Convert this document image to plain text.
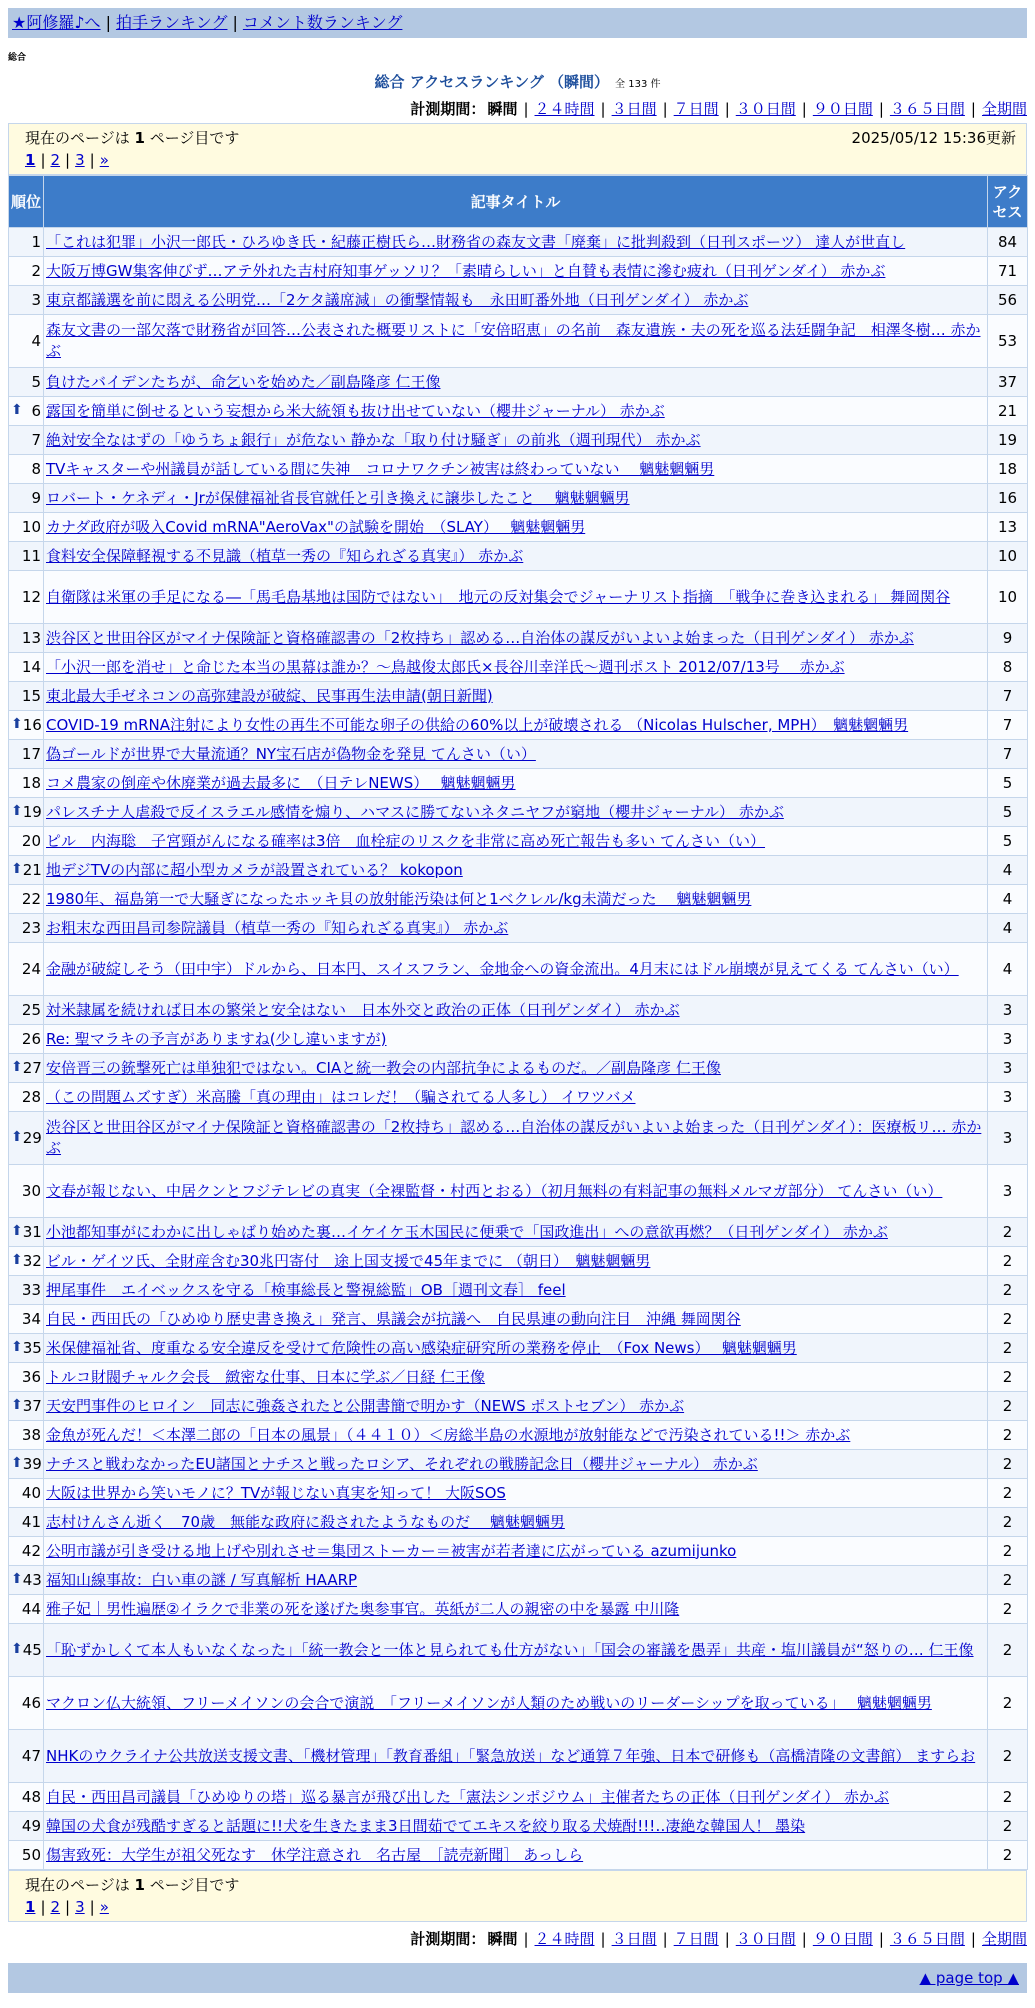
★阿修羅♪へ | 拍手ランキング | コメント数ランキング
総合
総合 アクセスランキング （瞬間） 全 133 件
計測期間： 瞬間 | ２４時間 | ３日間 | ７日間 | ３０日間 | ９０日間 | ３６５日間 | 全期間
現在のページは 1 ページ目です	2025/05/12 15:36更新
1 | 2 | 3 | »
順位	記事タイトル	アクセス
1	「これは犯罪」小沢一郎氏・ひろゆき氏・紀藤正樹氏ら…財務省の森友文書「廃棄」に批判殺到（日刊スポーツ） 達人が世直し	84
2	大阪万博GW集客伸びず…アテ外れた吉村府知事ゲッソリ？「素晴らしい」と自賛も表情に滲む疲れ（日刊ゲンダイ） 赤かぶ	71
3	東京都議選を前に悶える公明党…「2ケタ議席減」の衝撃情報も　永田町番外地（日刊ゲンダイ） 赤かぶ	56
4	森友文書の一部欠落で財務省が回答…公表された概要リストに「安倍昭恵」の名前　森友遺族・夫の死を巡る法廷闘争記　相澤冬樹… 赤かぶ	53
5	負けたバイデンたちが、命乞いを始めた／副島隆彦 仁王像	37

⬆ 6	露国を簡単に倒せるという妄想から米大統領も抜け出せていない（櫻井ジャーナル） 赤かぶ	21
7	絶対安全なはずの「ゆうちょ銀行」が危ない 静かな「取り付け騒ぎ」の前兆（週刊現代） 赤かぶ	19
8	TVキャスターや州議員が話している間に失神　コロナワクチン被害は終わっていない　 魑魅魍魎男	18
9	ロバート・ケネディ・Jrが保健福祉省長官就任と引き換えに譲歩したこと　 魑魅魍魎男	16
10	カナダ政府が吸入Covid mRNA"AeroVax"の試験を開始　（SLAY）　 魑魅魍魎男	13
11	食料安全保障軽視する不見識（植草一秀の『知られざる真実』） 赤かぶ	10
12	自衛隊は米軍の手足になる―「馬毛島基地は国防ではない」　地元の反対集会でジャーナリスト指摘　「戦争に巻き込まれる」 舞岡関谷	10
13	渋谷区と世田谷区がマイナ保険証と資格確認書の「2枚持ち」認める…自治体の謀反がいよいよ始まった（日刊ゲンダイ） 赤かぶ	9
14	「小沢一郎を消せ」と命じた本当の黒幕は誰か？～鳥越俊太郎氏×長谷川幸洋氏～週刊ポスト 2012/07/13号　 赤かぶ	8
15	東北最大手ゼネコンの高弥建設が破綻、民事再生法申請(朝日新聞)	7

⬆ 16	COVID-19 mRNA注射により女性の再生不可能な卵子の供給の60%以上が破壊される （Nicolas Hulscher, MPH）　魑魅魍魎男	7
17	偽ゴールドが世界で大量流通？NY宝石店が偽物金を発見 てんさい（い）	7
18	コメ農家の倒産や休廃業が過去最多に　（日テレNEWS）　 魑魅魍魎男	5

⬆ 19	パレスチナ人虐殺で反イスラエル感情を煽り、ハマスに勝てないネタニヤフが窮地（櫻井ジャーナル） 赤かぶ	5
20	ピル　内海聡　子宮頸がんになる確率は3倍　血栓症のリスクを非常に高め死亡報告も多い てんさい（い）	5

⬆ 21	地デジTVの内部に超小型カメラが設置されている？ kokopon	4
22	1980年、福島第一で大騒ぎになったホッキ貝の放射能汚染は何と1ベクレル/kg未満だった　 魑魅魍魎男	4
23	お粗末な西田昌司参院議員（植草一秀の『知られざる真実』） 赤かぶ	4
24	金融が破綻しそう（田中宇）ドルから、日本円、スイスフラン、金地金への資金流出。4月末にはドル崩壊が見えてくる てんさい（い）	4
25	対米隷属を続ければ日本の繁栄と安全はない　日本外交と政治の正体（日刊ゲンダイ） 赤かぶ	3
26	Re: 聖マラキの予言がありますね(少し違いますが)	3

⬆ 27	安倍晋三の銃撃死亡は単独犯ではない。CIAと統一教会の内部抗争によるものだ。／副島隆彦 仁王像	3
28	（この問題ムズすぎ）米高騰「真の理由」はコレだ！（騙されてる人多し） イワツバメ	3

⬆ 29	渋谷区と世田谷区がマイナ保険証と資格確認書の「2枚持ち」認める…自治体の謀反がいよいよ始まった（日刊ゲンダイ）：医療板リ… 赤かぶ	3
30	文春が報じない、中居クンとフジテレビの真実（全裸監督・村西とおる）（初月無料の有料記事の無料メルマガ部分） てんさい（い）	3

⬆ 31	小池都知事がにわかに出しゃばり始めた裏…イケイケ玉木国民に便乗で「国政進出」への意欲再燃？（日刊ゲンダイ） 赤かぶ	2

⬆ 32	ビル・ゲイツ氏、全財産含む30兆円寄付　途上国支援で45年までに （朝日）　魑魅魍魎男	2
33	押尾事件　エイベックスを守る「検事総長と警視総監」OB［週刊文春］ feel	2
34	自民・西田氏の「ひめゆり歴史書き換え」発言、県議会が抗議へ　自民県連の動向注目　沖縄 舞岡関谷	2

⬆ 35	米保健福祉省、度重なる安全違反を受けて危険性の高い感染症研究所の業務を停止　（Fox News）　 魑魅魍魎男	2
36	トルコ財閥チャルク会長　緻密な仕事、日本に学ぶ／日経 仁王像	2

⬆ 37	天安門事件のヒロイン　同志に強姦されたと公開書簡で明かす（NEWS ポストセブン） 赤かぶ	2
38	金魚が死んだ！＜本澤二郎の「日本の風景」（４４１０）＜房総半島の水源地が放射能などで汚染されている!!＞ 赤かぶ	2

⬆ 39	ナチスと戦わなかったEU諸国とナチスと戦ったロシア、それぞれの戦勝記念日（櫻井ジャーナル） 赤かぶ	2
40	大阪は世界から笑いモノに？TVが報じない真実を知って！ 大阪SOS	2
41	志村けんさん逝く　70歳　無能な政府に殺されたようなものだ　 魑魅魍魎男	2
42	公明市議が引き受ける地上げや別れさせ＝集団ストーカー＝被害が若者達に広がっている azumijunko	2

⬆ 43	福知山線事故：白い車の謎 / 写真解析 HAARP	2
44	雅子妃｜男性遍歴②イラクで非業の死を遂げた奥参事官。英紙が二人の親密の中を暴露 中川隆	2

⬆ 45	「恥ずかしくて本人もいなくなった」「統一教会と一体と見られても仕方がない」「国会の審議を愚弄」共産・塩川議員が“怒りの… 仁王像	2
46	マクロン仏大統領、フリーメイソンの会合で演説　「フリーメイソンが人類のため戦いのリーダーシップを取っている」　 魑魅魍魎男	2
47	NHKのウクライナ公共放送支援文書、「機材管理」「教育番組」「緊急放送」など通算７年強、日本で研修も（高橋清隆の文書館） ますらお	2
48	自民・西田昌司議員「ひめゆりの塔」巡る暴言が飛び出した「憲法シンポジウム」主催者たちの正体（日刊ゲンダイ） 赤かぶ	2
49	韓国の犬食が残酷すぎると話題に!!犬を生きたまま3日間茹でてエキスを絞り取る犬焼酎!!!‥凄絶な韓国人！ 墨染	2
50	傷害致死：大学生が祖父死なす　休学注意され　名古屋　［読売新聞］ あっしら	2
現在のページは 1 ページ目です
1 | 2 | 3 | »
計測期間： 瞬間 | ２４時間 | ３日間 | ７日間 | ３０日間 | ９０日間 | ３６５日間 | 全期間
▲ page top ▲
